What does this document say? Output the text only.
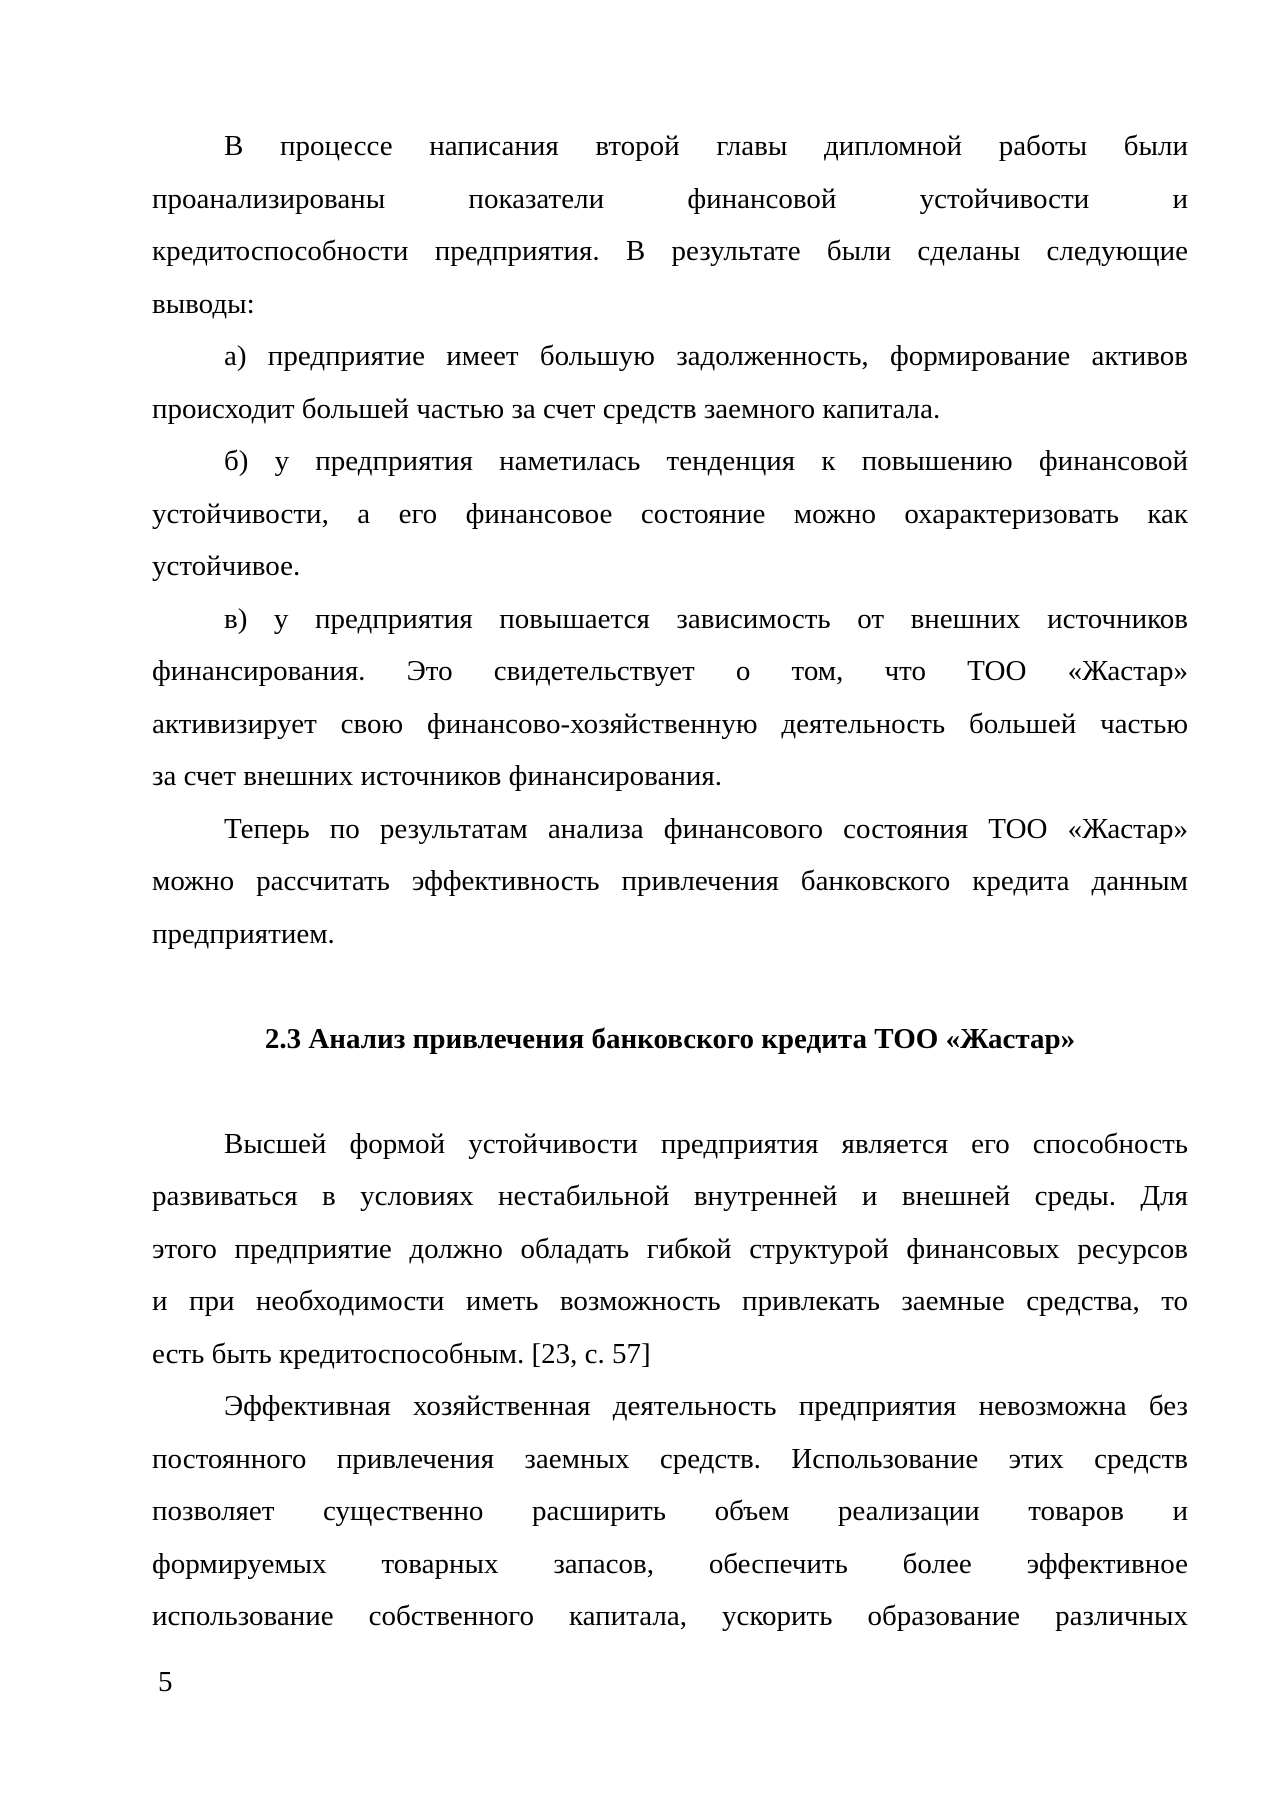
В процессе написания второй главы дипломной работы были
проанализированы показатели финансовой устойчивости и
кредитоспособности предприятия. В результате были сделаны следующие
выводы:
а) предприятие имеет большую задолженность, формирование активов
происходит большей частью за счет средств заемного капитала.
б) у предприятия наметилась тенденция к повышению финансовой
устойчивости, а его финансовое состояние можно охарактеризовать как
устойчивое.
в) у предприятия повышается зависимость от внешних источников
финансирования. Это свидетельствует о том, что ТОО «Жастар»
активизирует свою финансово-хозяйственную деятельность большей частью
за счет внешних источников финансирования.
Теперь по результатам анализа финансового состояния ТОО «Жастар»
можно рассчитать эффективность привлечения банковского кредита данным
предприятием.
2.3 Анализ привлечения банковского кредита ТОО «Жастар»
Высшей формой устойчивости предприятия является его способность
развиваться в условиях нестабильной внутренней и внешней среды. Для
этого предприятие должно обладать гибкой структурой финансовых ресурсов
и при необходимости иметь возможность привлекать заемные средства, то
есть быть кредитоспособным. [23, с. 57]
Эффективная хозяйственная деятельность предприятия невозможна без
постоянного привлечения заемных средств. Использование этих средств
позволяет существенно расширить объем реализации товаров и
формируемых товарных запасов, обеспечить более эффективное
использование собственного капитала, ускорить образование различных
5
